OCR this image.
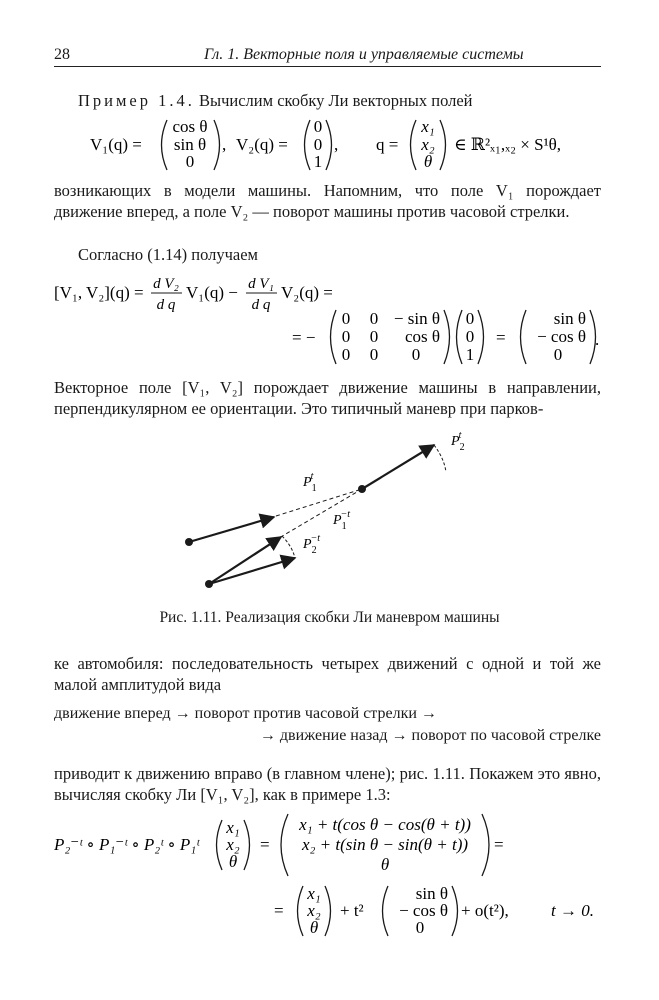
28	Гл. 1. Векторные поля и управляемые системы
Пример 1.4. Вычислим скобку Ли векторных полей
V₁(q) =
cos θ
sin θ
0
, V₂(q) =
0
0
1
, q =
x₁
x₂
θ
∈ ℝ²ₓ₁,ₓ₂ × S¹θ,
возникающих в модели машины. Напомним, что поле V₁ порождает движение вперед, а поле V₂ — поворот машины против часовой стрелки.
Согласно (1.14) получаем
[V₁, V₂](q) = d V₂
d q
V₁(q) − d V₁
d q
V₂(q) =
= −
0 0 − sin θ
0 0 cos θ
0 0 0
0
0
1
=
sin θ
− cos θ
0
.
Векторное поле [V₁, V₂] порождает движение машины в направлении, перпендикулярном ее ориентации. Это типичный маневр при парков-
$P_1t$
$P_2t$
$P_1-t$
$P_2-t$
Рис. 1.11. Реализация скобки Ли маневром машины
ке автомобиля: последовательность четырех движений с одной и той же малой амплитудой вида
движение вперед → поворот против часовой стрелки →
→ движение назад → поворот по часовой стрелке
приводит к движению вправо (в главном члене); рис. 1.11. Покажем это явно, вычисляя скобку Ли [V₁, V₂], как в примере 1.3:
P₂⁻ᵗ ∘ P₁⁻ᵗ ∘ P₂ᵗ ∘ P₁ᵗ
x₁
x₂
θ
=
x₁ + t(cos θ − cos(θ + t))
x₂ + t(sin θ − sin(θ + t))
θ
=
=
x₁
x₂
θ
+ t²
sin θ
− cos θ
0
+ o(t²), t → 0.
